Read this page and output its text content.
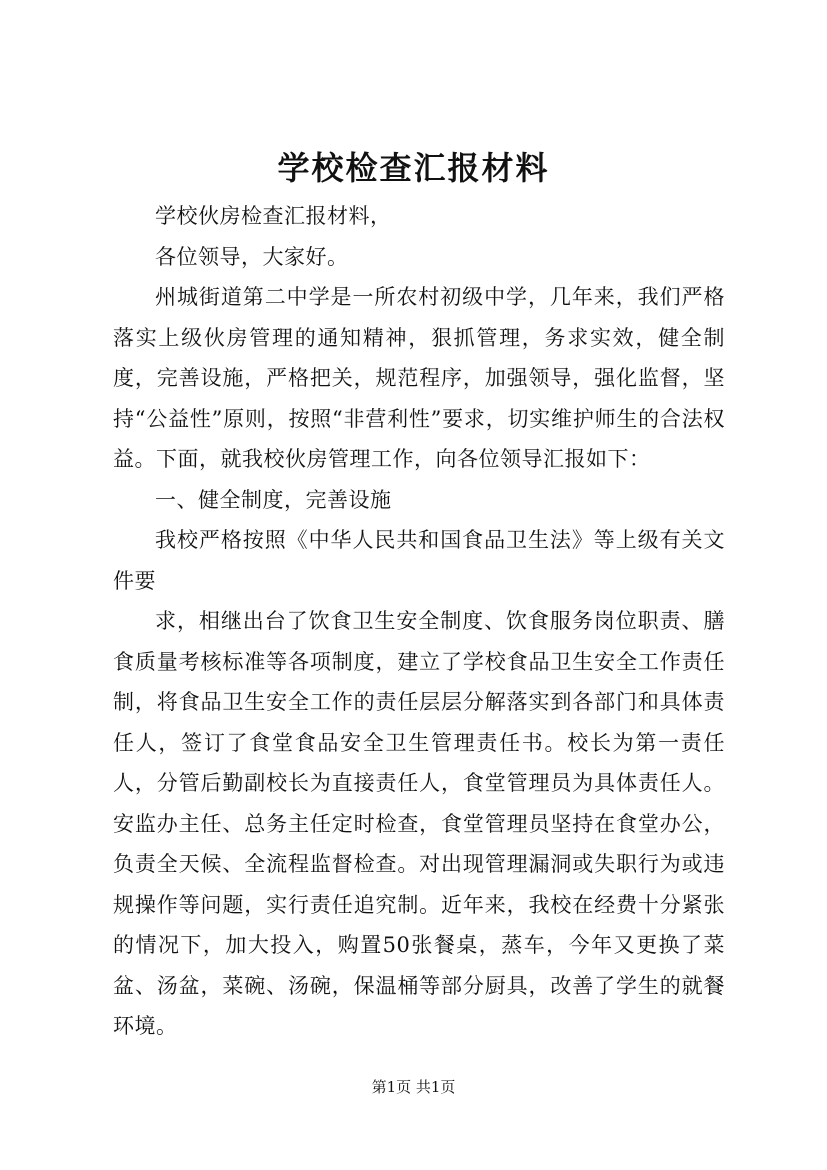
学校检查汇报材料

学校伙房检查汇报材料，

各位领导，大家好。

州城街道第二中学是一所农村初级中学，几年来，我们严格落实上级伙房管理的通知精神，狠抓管理，务求实效，健全制度，完善设施，严格把关，规范程序，加强领导，强化监督，坚持“公益性”原则，按照“非营利性”要求，切实维护师生的合法权益。下面，就我校伙房管理工作，向各位领导汇报如下：

一、健全制度，完善设施

我校严格按照《中华人民共和国食品卫生法》等上级有关文件要

求，相继出台了饮食卫生安全制度、饮食服务岗位职责、膳食质量考核标准等各项制度，建立了学校食品卫生安全工作责任制，将食品卫生安全工作的责任层层分解落实到各部门和具体责任人，签订了食堂食品安全卫生管理责任书。校长为第一责任人，分管后勤副校长为直接责任人，食堂管理员为具体责任人。安监办主任、总务主任定时检查，食堂管理员坚持在食堂办公，负责全天候、全流程监督检查。对出现管理漏洞或失职行为或违规操作等问题，实行责任追究制。近年来，我校在经费十分紧张的情况下，加大投入，购置50张餐桌，蒸车，今年又更换了菜盆、汤盆，菜碗、汤碗，保温桶等部分厨具，改善了学生的就餐环境。

第1页 共1页
